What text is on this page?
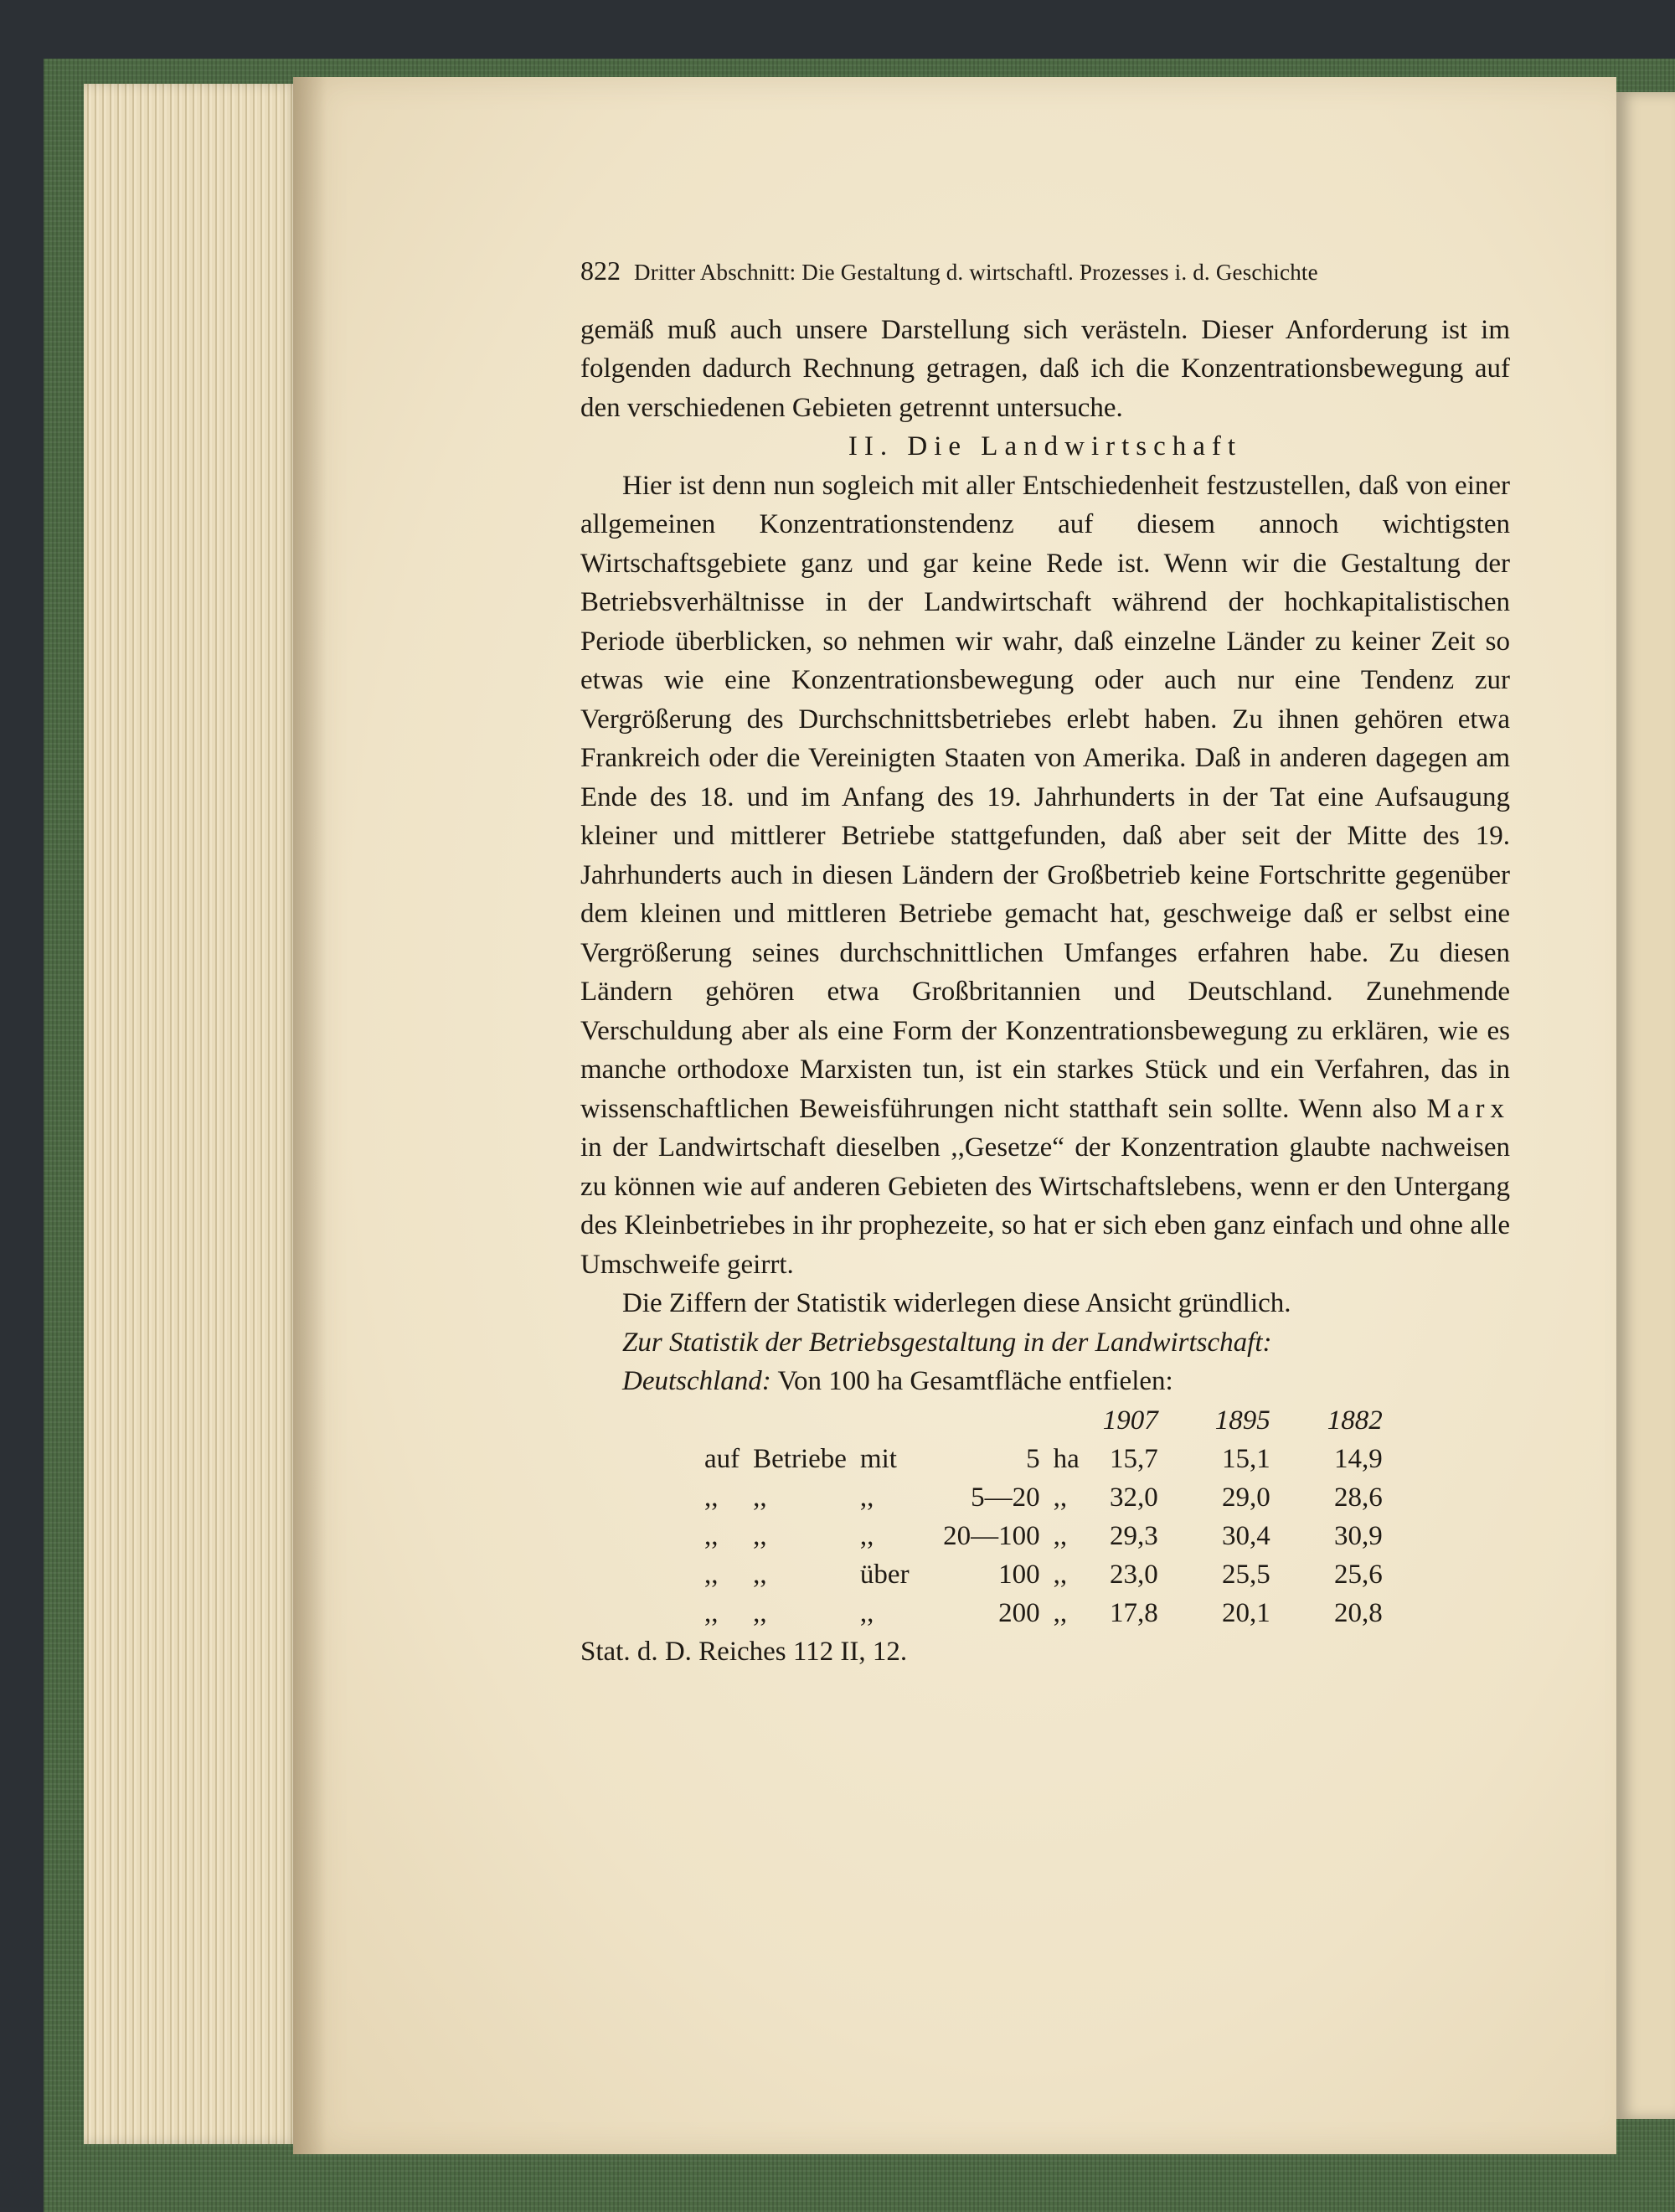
822 Dritter Abschnitt: Die Gestaltung d. wirtschaftl. Prozesses i. d. Geschichte

gemäß muß auch unsere Darstellung sich verästeln. Dieser Anforderung ist im folgenden dadurch Rechnung getragen, daß ich die Konzentrationsbewegung auf den verschiedenen Gebieten getrennt untersuche.

II. Die Landwirtschaft

Hier ist denn nun sogleich mit aller Entschiedenheit festzustellen, daß von einer allgemeinen Konzentrationstendenz auf diesem annoch wichtigsten Wirtschaftsgebiete ganz und gar keine Rede ist. Wenn wir die Gestaltung der Betriebsverhältnisse in der Landwirtschaft während der hochkapitalistischen Periode überblicken, so nehmen wir wahr, daß einzelne Länder zu keiner Zeit so etwas wie eine Konzentrationsbewegung oder auch nur eine Tendenz zur Vergrößerung des Durchschnittsbetriebes erlebt haben. Zu ihnen gehören etwa Frankreich oder die Vereinigten Staaten von Amerika. Daß in anderen dagegen am Ende des 18. und im Anfang des 19. Jahrhunderts in der Tat eine Aufsaugung kleiner und mittlerer Betriebe stattgefunden, daß aber seit der Mitte des 19. Jahrhunderts auch in diesen Ländern der Großbetrieb keine Fortschritte gegenüber dem kleinen und mittleren Betriebe gemacht hat, geschweige daß er selbst eine Vergrößerung seines durchschnittlichen Umfanges erfahren habe. Zu diesen Ländern gehören etwa Großbritannien und Deutschland. Zunehmende Verschuldung aber als eine Form der Konzentrationsbewegung zu erklären, wie es manche orthodoxe Marxisten tun, ist ein starkes Stück und ein Verfahren, das in wissenschaftlichen Beweisführungen nicht statthaft sein sollte. Wenn also Marx in der Landwirtschaft dieselben ,,Gesetze“ der Konzentration glaubte nachweisen zu können wie auf anderen Gebieten des Wirtschaftslebens, wenn er den Untergang des Kleinbetriebes in ihr prophezeite, so hat er sich eben ganz einfach und ohne alle Umschweife geirrt.

Die Ziffern der Statistik widerlegen diese Ansicht gründlich.

Zur Statistik der Betriebsgestaltung in der Landwirtschaft:

Deutschland: Von 100 ha Gesamtfläche entfielen:

					1907	1895	1882
auf	Betriebe	mit	5	ha	15,7	15,1	14,9
,,	,,	,,	5—20	,,	32,0	29,0	28,6
,,	,,	,,	20—100	,,	29,3	30,4	30,9
,,	,,	über	100	,,	23,0	25,5	25,6
,,	,,	,,	200	,,	17,8	20,1	20,8

Stat. d. D. Reiches 112 II, 12.
